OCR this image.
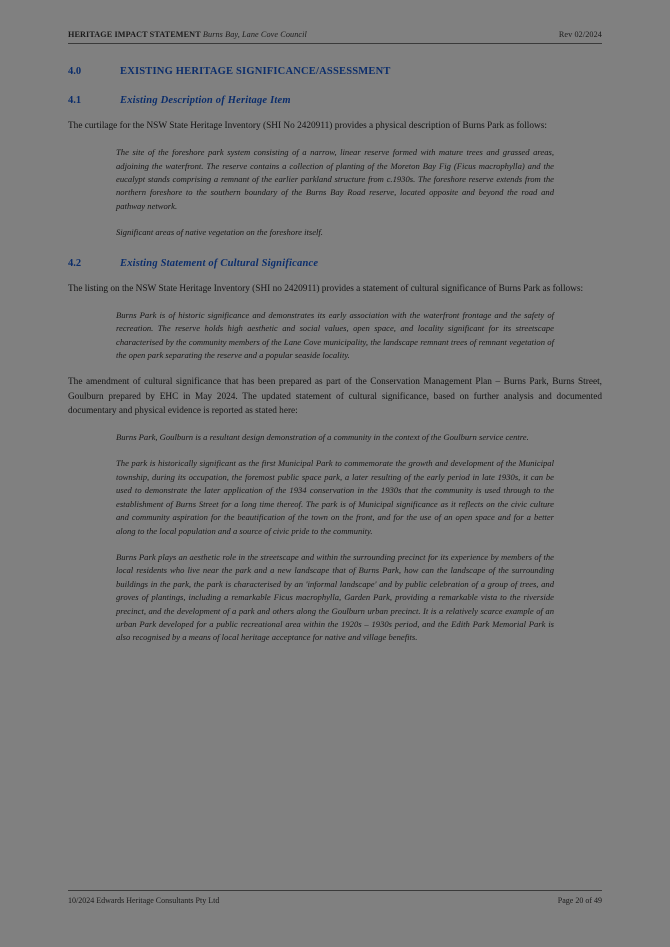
HERITAGE IMPACT STATEMENT Burns Bay, Lane Cove Council	Rev 02/2024
4.0	EXISTING HERITAGE SIGNIFICANCE/ASSESSMENT
4.1	Existing Description of Heritage Item

The curtilage for the NSW State Heritage Inventory (SHI No 2420911) provides a physical description of Burns Park as follows:

The site of the foreshore park system consisting of a narrow, linear reserve formed with mature trees and grassed areas, adjoining the waterfront. The reserve contains a collection of planting of the Moreton Bay Fig (Ficus macrophylla) and the eucalypt stands comprising a remnant of the earlier parkland structure from c.1930s. The foreshore reserve extends from the northern foreshore to the southern boundary of the Burns Bay Road reserve, located opposite and beyond the road and pathway network.
Significant areas of native vegetation on the foreshore itself.
4.2	Existing Statement of Cultural Significance

The listing on the NSW State Heritage Inventory (SHI no 2420911) provides a statement of cultural significance of Burns Park as follows:

Burns Park is of historic significance and demonstrates its early association with the waterfront frontage and the safety of recreation. The reserve holds high aesthetic and social values, open space, and locality significant for its streetscape characterised by the community members of the Lane Cove municipality, the landscape remnant trees of remnant vegetation of the open park separating the reserve and a popular seaside locality.

The amendment of cultural significance that has been prepared as part of the Conservation Management Plan – Burns Park, Burns Street, Goulburn prepared by EHC in May 2024. The updated statement of cultural significance, based on further analysis and documented documentary and physical evidence is reported as stated here:

Burns Park, Goulburn is a resultant design demonstration of a community in the context of the Goulburn service centre.
The park is historically significant as the first Municipal Park to commemorate the growth and development of the Municipal township, during its occupation, the foremost public space park, a later resulting of the early period in late 1930s, it can be used to demonstrate the later application of the 1934 conservation in the 1930s that the community is used through to the establishment of Burns Street for a long time thereof. The park is of Municipal significance as it reflects on the civic culture and community aspiration for the beautification of the town on the front, and for the use of an open space and for a better along to the local population and a source of civic pride to the community.
Burns Park plays an aesthetic role in the streetscape and within the surrounding precinct for its experience by members of the local residents who live near the park and a new landscape that of Burns Park, how can the landscape of the surrounding buildings in the park, the park is characterised by an 'informal landscape' and by public celebration of a group of trees, and groves of plantings, including a remarkable Ficus macrophylla, Garden Park, providing a remarkable vista to the riverside precinct, and the development of a park and others along the Goulburn urban precinct. It is a relatively scarce example of an urban Park developed for a public recreational area within the 1920s – 1930s period, and the Edith Park Memorial Park is also recognised by a means of local heritage acceptance for native and village benefits.
10/2024 Edwards Heritage Consultants Pty Ltd	Page 20 of 49
